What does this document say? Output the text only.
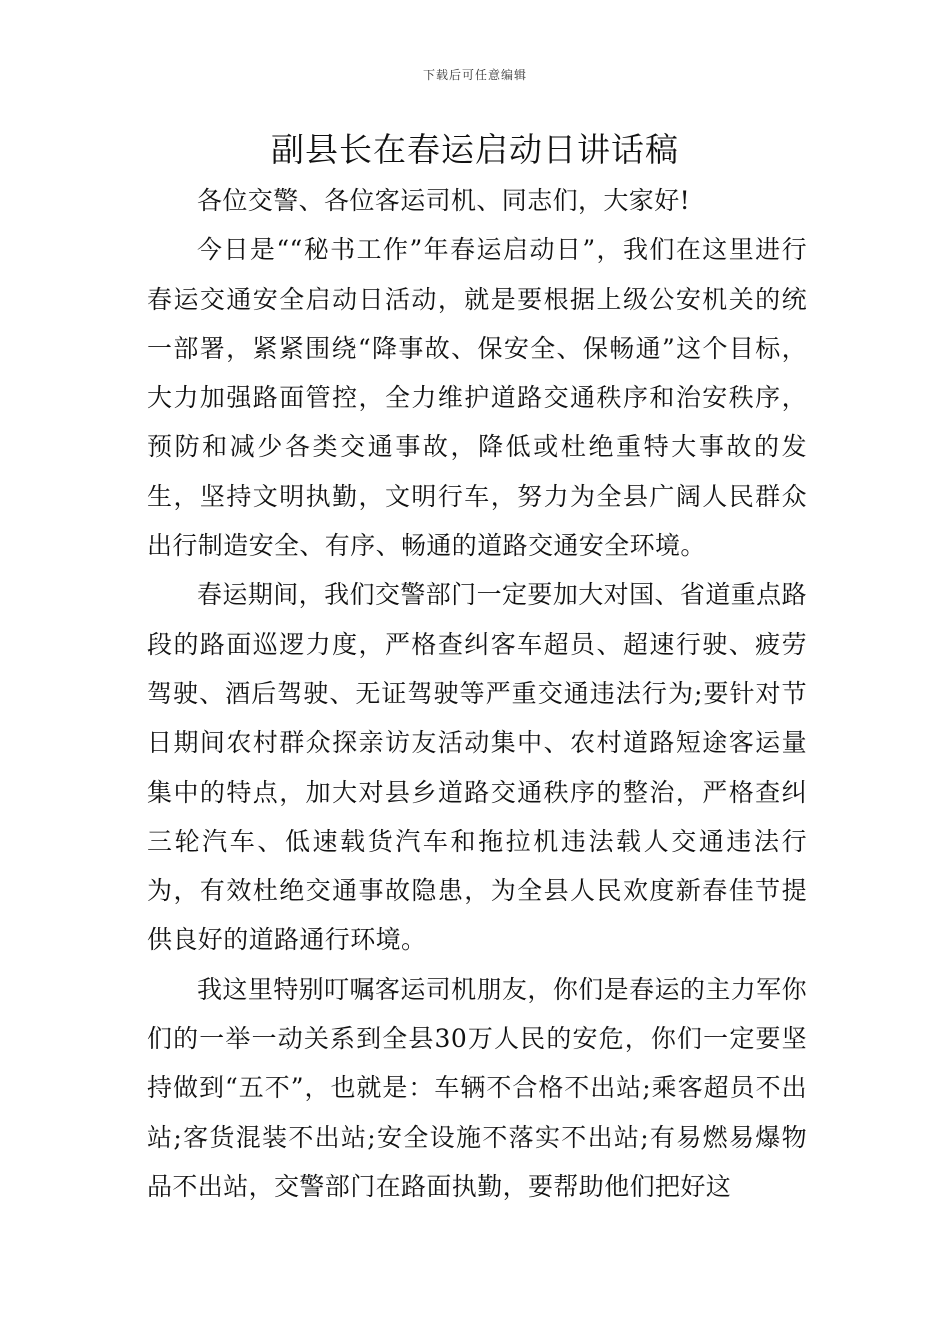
下载后可任意编辑
副县长在春运启动日讲话稿

各位交警、各位客运司机、同志们，大家好!

今日是““秘书工作”年春运启动日”，我们在这里进行春运交通安全启动日活动，就是要根据上级公安机关的统一部署，紧紧围绕“降事故、保安全、保畅通”这个目标，大力加强路面管控，全力维护道路交通秩序和治安秩序，预防和减少各类交通事故，降低或杜绝重特大事故的发生，坚持文明执勤，文明行车，努力为全县广阔人民群众出行制造安全、有序、畅通的道路交通安全环境。

春运期间，我们交警部门一定要加大对国、省道重点路段的路面巡逻力度，严格查纠客车超员、超速行驶、疲劳驾驶、酒后驾驶、无证驾驶等严重交通违法行为;要针对节日期间农村群众探亲访友活动集中、农村道路短途客运量集中的特点，加大对县乡道路交通秩序的整治，严格查纠三轮汽车、低速载货汽车和拖拉机违法载人交通违法行为，有效杜绝交通事故隐患，为全县人民欢度新春佳节提供良好的道路通行环境。

我这里特别叮嘱客运司机朋友，你们是春运的主力军你们的一举一动关系到全县30万人民的安危，你们一定要坚持做到“五不”，也就是：车辆不合格不出站;乘客超员不出站;客货混装不出站;安全设施不落实不出站;有易燃易爆物品不出站，交警部门在路面执勤，要帮助他们把好这
